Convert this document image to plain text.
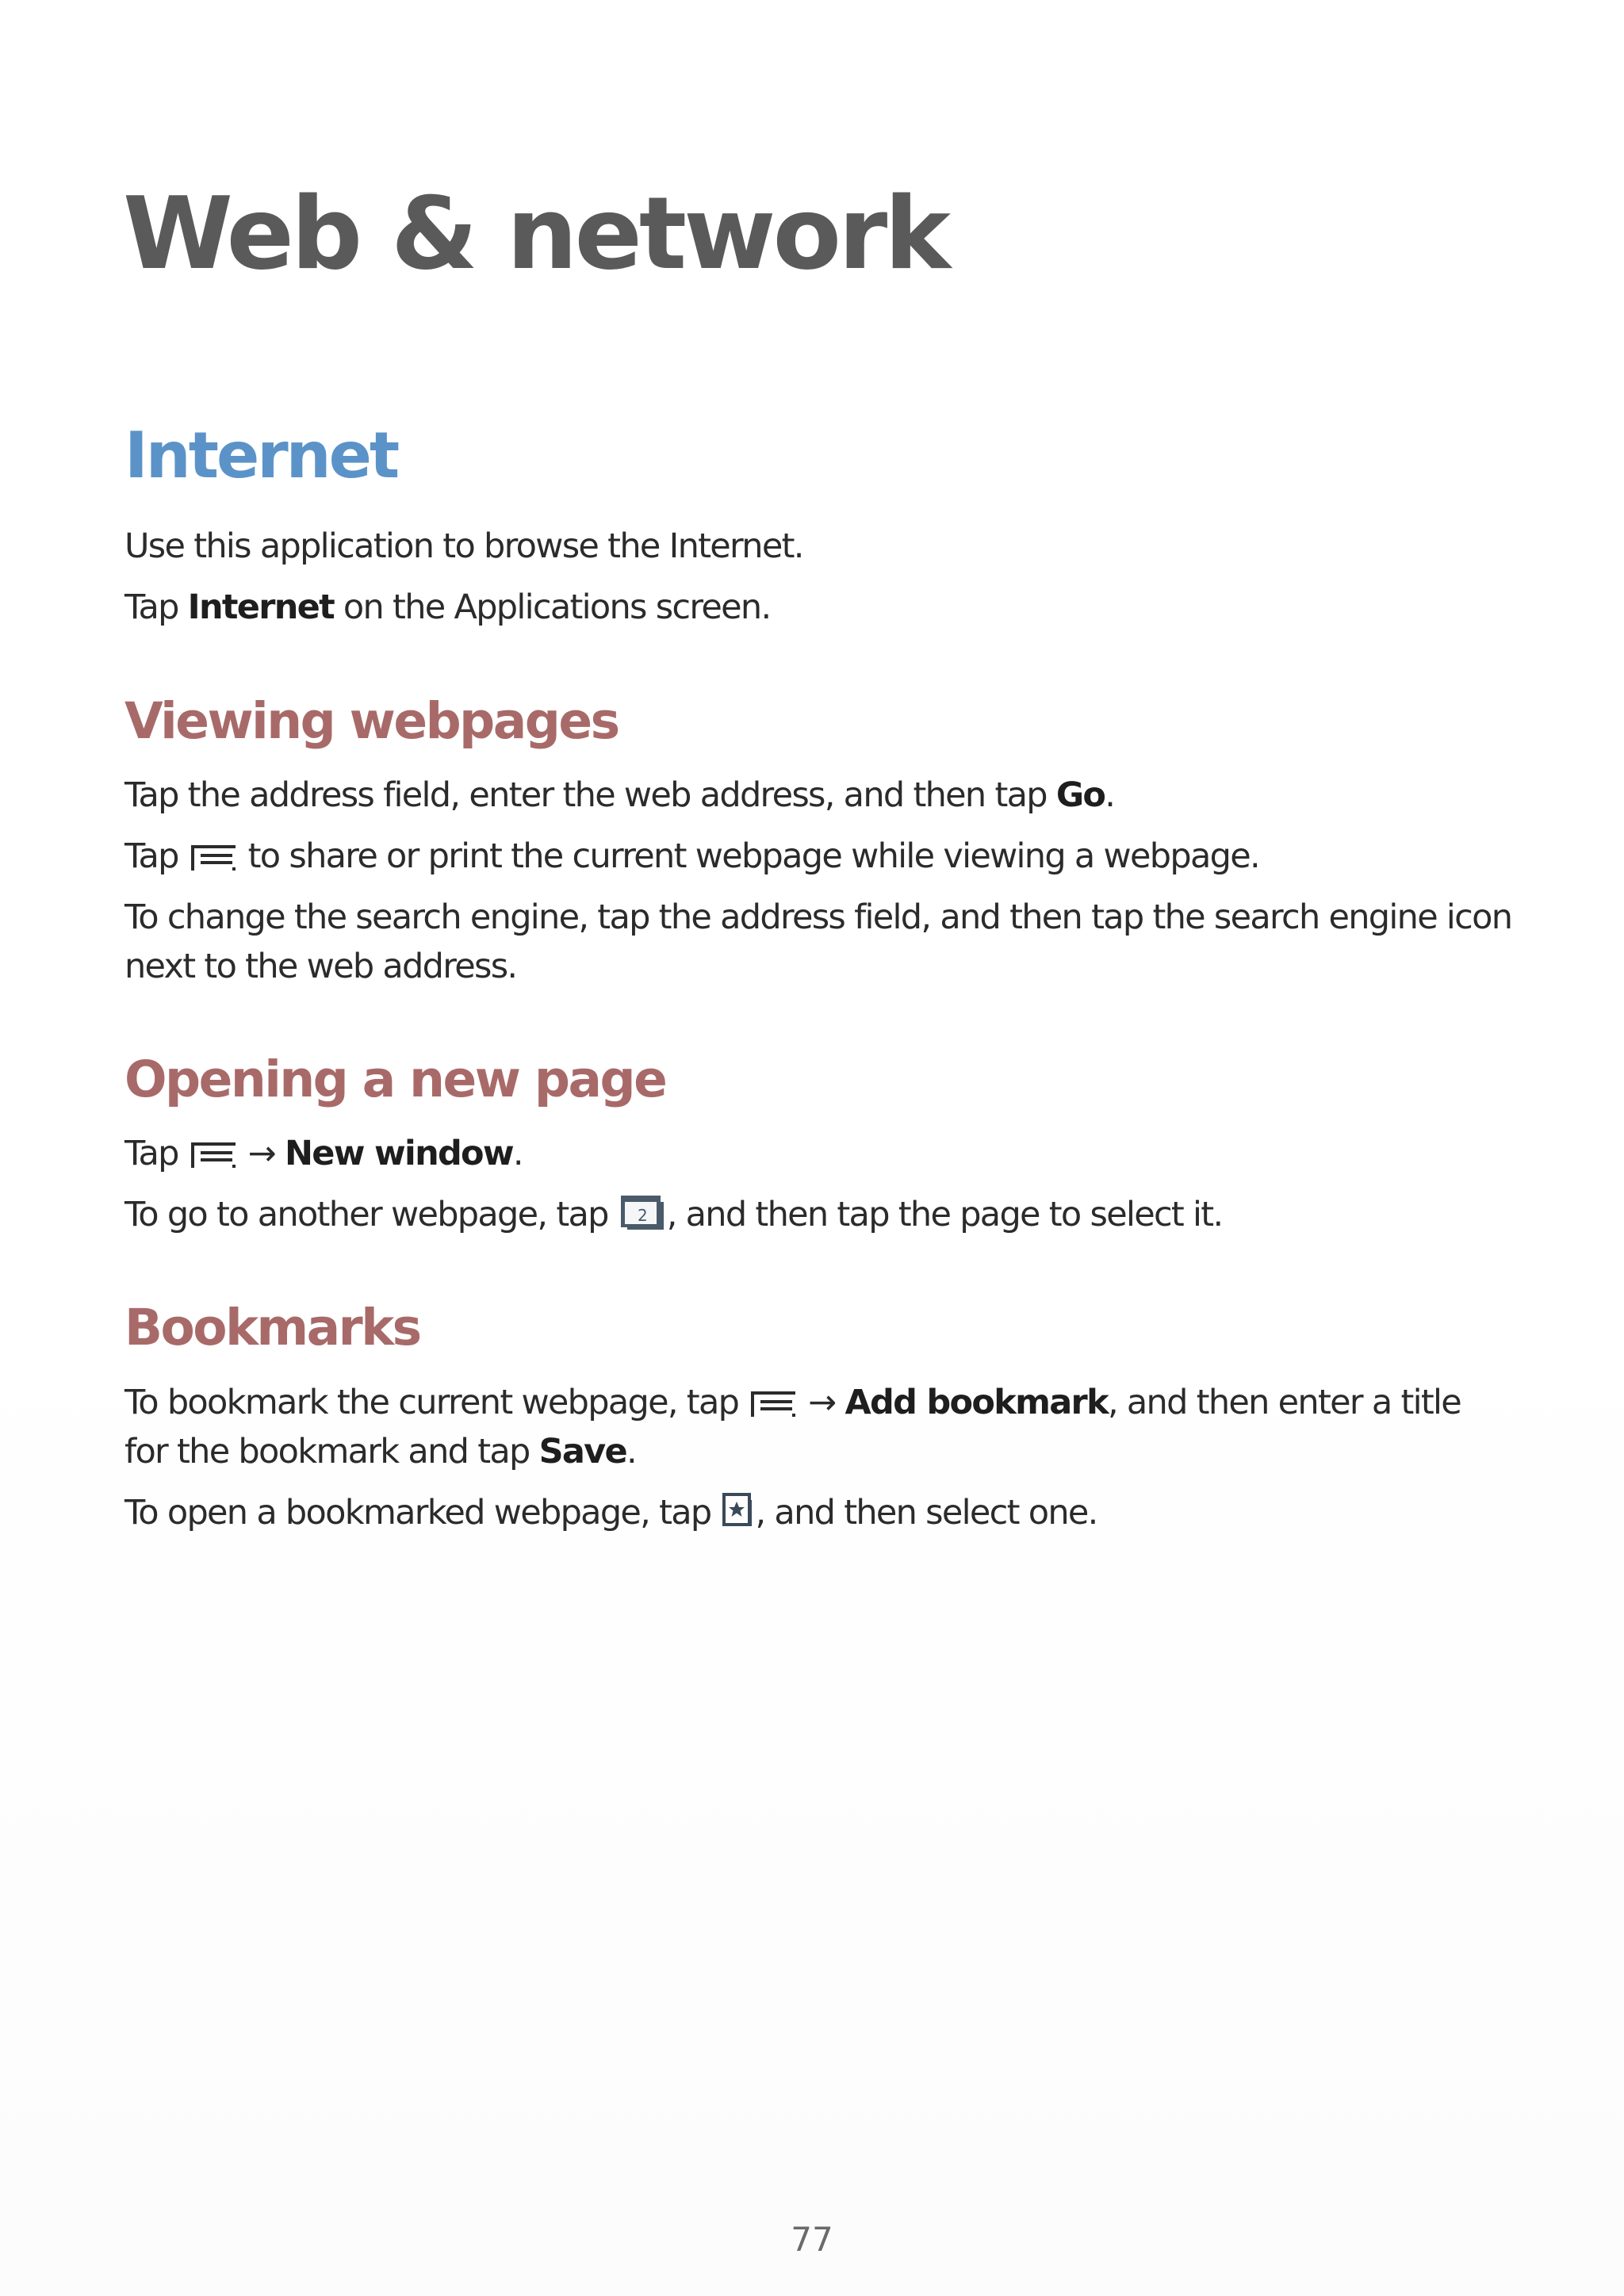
Web & network
Internet

Use this application to browse the Internet.

Tap Internet on the Applications screen.

Viewing webpages

Tap the address field, enter the web address, and then tap Go.

Tap  to share or print the current webpage while viewing a webpage.

To change the search engine, tap the address field, and then tap the search engine icon next to the web address.

Opening a new page

Tap  → New window.

To go to another webpage, tap 2 , and then tap the page to select it.

Bookmarks

To bookmark the current webpage, tap  → Add bookmark, and then enter a title for the bookmark and tap Save.

To open a bookmarked webpage, tap , and then select one.

77
